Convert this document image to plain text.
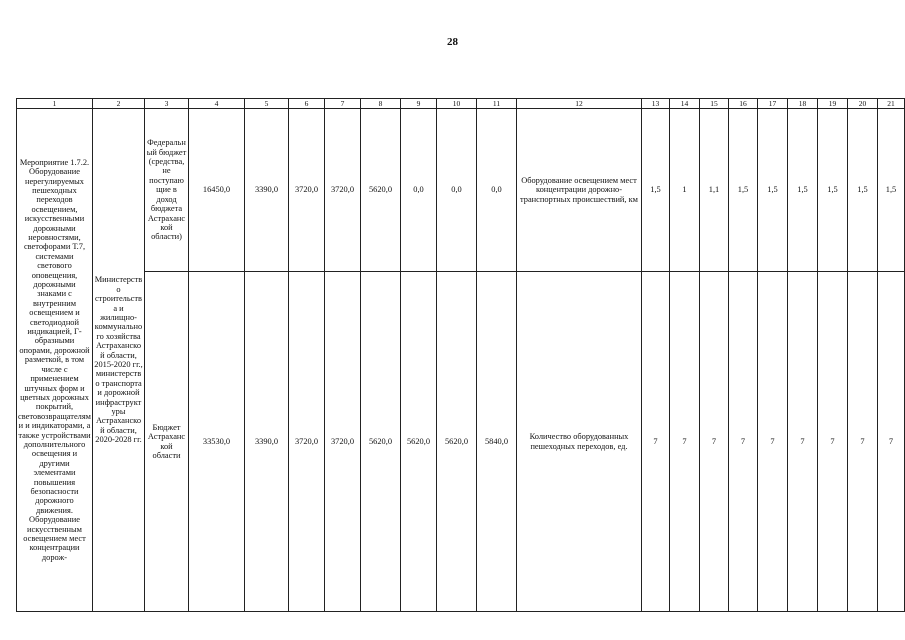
28
1	2	3	4	5	6	7	8	9	10	11	12	13	14	15	16	17	18	19	20	21

Мероприятие 1.7.2.
Оборудование нерегулируемых пешеходных переходов освещением, искусственными дорожными неровностями, светофорами Т.7, системами светового оповещения, дорожными знаками с внутренним освещением и светодиодной индикацией, Г-образными опорами, дорожной разметкой, в том числе с применением штучных форм и цветных дорожных покрытий, световозвращателями и индикаторами, а также устройствами дополнительного освещения и другими элементами повышения безопасности дорожного движения. Оборудование искусственным освещением мест концентрации дорож-	Министерство строительства и жилищно-коммунального хозяйства Астраханской области, 2015-2020 гг., министерство транспорта и дорожной инфраструктуры Астраханской области, 2020-2028 гг.	Федеральный бюджет (средства, не поступающие в доход бюджета Астраханской области)	16450,0	3390,0	3720,0	3720,0	5620,0	0,0	0,0	0,0	Оборудование освещением мест концентрации дорожно-транспортных происшествий, км	1,5	1	1,1	1,5	1,5	1,5	1,5	1,5	1,5
		Бюджет Астраханской области	33530,0	3390,0	3720,0	3720,0	5620,0	5620,0	5620,0	5840,0	Количество оборудованных пешеходных переходов, ед.	7	7	7	7	7	7	7	7	7
